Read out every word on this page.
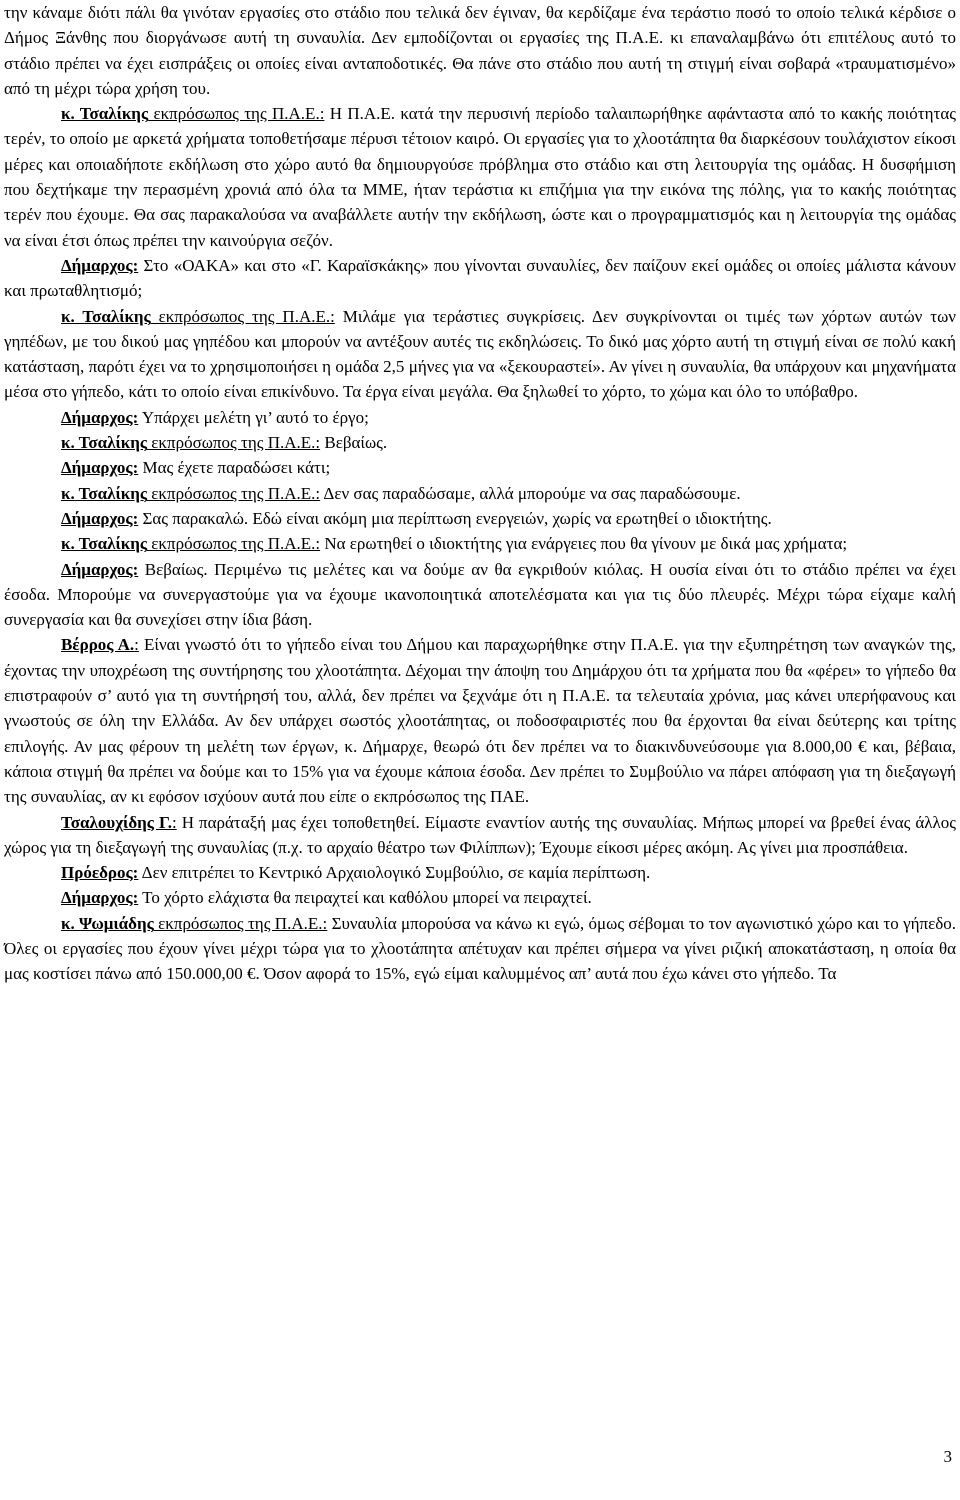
την κάναμε διότι πάλι θα γινόταν εργασίες στο στάδιο που τελικά δεν έγιναν, θα κερδίζαμε ένα τεράστιο ποσό το οποίο τελικά κέρδισε ο Δήμος Ξάνθης που διοργάνωσε αυτή τη συναυλία. Δεν εμποδίζονται οι εργασίες της Π.Α.Ε. κι επαναλαμβάνω ότι επιτέλους αυτό το στάδιο πρέπει να έχει εισπράξεις οι οποίες είναι ανταποδοτικές. Θα πάνε στο στάδιο που αυτή τη στιγμή είναι σοβαρά «τραυματισμένο» από τη μέχρι τώρα χρήση του.

κ. Τσαλίκης εκπρόσωπος της Π.Α.Ε.: Η Π.Α.Ε. κατά την περυσινή περίοδο ταλαιπωρήθηκε αφάνταστα από το κακής ποιότητας τερέν, το οποίο με αρκετά χρήματα τοποθετήσαμε πέρυσι τέτοιον καιρό. Οι εργασίες για το χλοοτάπητα θα διαρκέσουν τουλάχιστον είκοσι μέρες και οποιαδήποτε εκδήλωση στο χώρο αυτό θα δημιουργούσε πρόβλημα στο στάδιο και στη λειτουργία της ομάδας. Η δυσφήμιση που δεχτήκαμε την περασμένη χρονιά από όλα τα ΜΜΕ, ήταν τεράστια κι επιζήμια για την εικόνα της πόλης, για το κακής ποιότητας τερέν που έχουμε. Θα σας παρακαλούσα να αναβάλλετε αυτήν την εκδήλωση, ώστε και ο προγραμματισμός και η λειτουργία της ομάδας να είναι έτσι όπως πρέπει την καινούργια σεζόν.

Δήμαρχος: Στο «ΟΑΚΑ» και στο «Γ. Καραϊσκάκης» που γίνονται συναυλίες, δεν παίζουν εκεί ομάδες οι οποίες μάλιστα κάνουν και πρωταθλητισμό;

κ. Τσαλίκης εκπρόσωπος της Π.Α.Ε.: Μιλάμε για τεράστιες συγκρίσεις. Δεν συγκρίνονται οι τιμές των χόρτων αυτών των γηπέδων, με του δικού μας γηπέδου και μπορούν να αντέξουν αυτές τις εκδηλώσεις. Το δικό μας χόρτο αυτή τη στιγμή είναι σε πολύ κακή κατάσταση, παρότι έχει να το χρησιμοποιήσει η ομάδα 2,5 μήνες για να «ξεκουραστεί». Αν γίνει η συναυλία, θα υπάρχουν και μηχανήματα μέσα στο γήπεδο, κάτι το οποίο είναι επικίνδυνο. Τα έργα είναι μεγάλα. Θα ξηλωθεί το χόρτο, το χώμα και όλο το υπόβαθρο.

Δήμαρχος: Υπάρχει μελέτη γι’ αυτό το έργο;

κ. Τσαλίκης εκπρόσωπος της Π.Α.Ε.: Βεβαίως.

Δήμαρχος: Μας έχετε παραδώσει κάτι;

κ. Τσαλίκης εκπρόσωπος της Π.Α.Ε.: Δεν σας παραδώσαμε, αλλά μπορούμε να σας παραδώσουμε.

Δήμαρχος: Σας παρακαλώ. Εδώ είναι ακόμη μια περίπτωση ενεργειών, χωρίς να ερωτηθεί ο ιδιοκτήτης.

κ. Τσαλίκης εκπρόσωπος της Π.Α.Ε.: Να ερωτηθεί ο ιδιοκτήτης για ενάργειες που θα γίνουν με δικά μας χρήματα;

Δήμαρχος: Βεβαίως. Περιμένω τις μελέτες και να δούμε αν θα εγκριθούν κιόλας. Η ουσία είναι ότι το στάδιο πρέπει να έχει έσοδα. Μπορούμε να συνεργαστούμε για να έχουμε ικανοποιητικά αποτελέσματα και για τις δύο πλευρές. Μέχρι τώρα είχαμε καλή συνεργασία και θα συνεχίσει στην ίδια βάση.

Βέρρος Α.: Είναι γνωστό ότι το γήπεδο είναι του Δήμου και παραχωρήθηκε στην Π.Α.Ε. για την εξυπηρέτηση των αναγκών της, έχοντας την υποχρέωση της συντήρησης του χλοοτάπητα. Δέχομαι την άποψη του Δημάρχου ότι τα χρήματα που θα «φέρει» το γήπεδο θα επιστραφούν σ’ αυτό για τη συντήρησή του, αλλά, δεν πρέπει να ξεχνάμε ότι η Π.Α.Ε. τα τελευταία χρόνια, μας κάνει υπερήφανους και γνωστούς σε όλη την Ελλάδα. Αν δεν υπάρχει σωστός χλοοτάπητας, οι ποδοσφαιριστές που θα έρχονται θα είναι δεύτερης και τρίτης επιλογής. Αν μας φέρουν τη μελέτη των έργων, κ. Δήμαρχε, θεωρώ ότι δεν πρέπει να το διακινδυνεύσουμε για 8.000,00 € και, βέβαια, κάποια στιγμή θα πρέπει να δούμε και το 15% για να έχουμε κάποια έσοδα. Δεν πρέπει το Συμβούλιο να πάρει απόφαση για τη διεξαγωγή της συναυλίας, αν κι εφόσον ισχύουν αυτά που είπε ο εκπρόσωπος της ΠΑΕ.

Τσαλουχίδης Γ.: Η παράταξή μας έχει τοποθετηθεί. Είμαστε εναντίον αυτής της συναυλίας. Μήπως μπορεί να βρεθεί ένας άλλος χώρος για τη διεξαγωγή της συναυλίας (π.χ. το αρχαίο θέατρο των Φιλίππων); Έχουμε είκοσι μέρες ακόμη. Ας γίνει μια προσπάθεια.

Πρόεδρος: Δεν επιτρέπει το Κεντρικό Αρχαιολογικό Συμβούλιο, σε καμία περίπτωση.

Δήμαρχος: Το χόρτο ελάχιστα θα πειραχτεί και καθόλου μπορεί να πειραχτεί.

κ. Ψωμιάδης εκπρόσωπος της Π.Α.Ε.: Συναυλία μπορούσα να κάνω κι εγώ, όμως σέβομαι το τον αγωνιστικό χώρο και το γήπεδο. Όλες οι εργασίες που έχουν γίνει μέχρι τώρα για το χλοοτάπητα απέτυχαν και πρέπει σήμερα να γίνει ριζική αποκατάσταση, η οποία θα μας κοστίσει πάνω από 150.000,00 €. Όσον αφορά το 15%, εγώ είμαι καλυμμένος απ’ αυτά που έχω κάνει στο γήπεδο. Τα

3
